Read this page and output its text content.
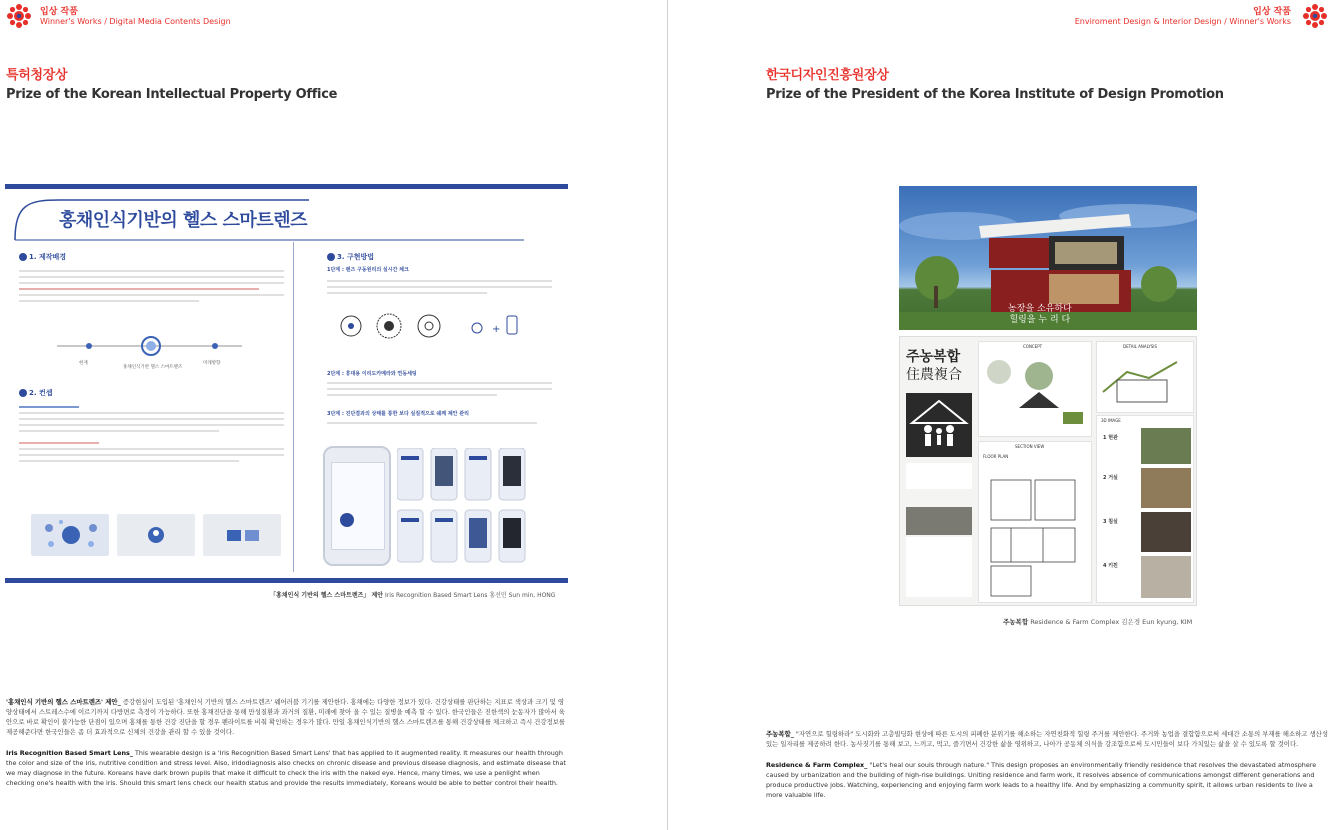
입상 작품
Winner's Works / Digital Media Contents Design
특허청장상
Prize of the Korean Intellectual Property Office
홍채인식기반의 헬스 스마트렌즈
1. 제작배경
현재
홍채인식기반 헬스 스마트렌즈
미래방향
2. 컨셉
3. 구현방법
1단계 : 렌즈 구동원리의 실시간 체크
+
2단계 : 휴대용 이리도카메라와 연동세팅
3단계 : 진단결과의 상태를 통한 보다 실질적으로 쉐께 제안 관리
「홍채인식 기반의 헬스 스마트렌즈」 제안 Iris Recognition Based Smart Lens 홍선민 Sun min, HONG
'홍채인식 기반의 헬스 스마트렌즈' 제안_ 증강현실이 도입된 '홍채인식 기반의 헬스 스마트렌즈' 웨어러블 기기를 제안한다. 홍채에는 다양한 정보가 있다. 건강상태를 판단하는 지표로 색상과 크기 및 영양상태에서 스트레스수에 이르기까지 다방면로 측정이 가능하다. 또한 홍채진단을 통해 만성질환과 과거의 질환, 미래에 찾아 올 수 있는 질병을 예측 할 수 있다. 한국인들은 진한색의 눈동자가 많아서 육안으로 바로 확인이 불가능한 단점이 있으며 홍채를 통한 건강 진단을 할 경우 펜라이트를 비춰 확인하는 경우가 많다. 만일 홍채인식기반의 헬스 스마트렌즈를 통해 건강상태를 체크하고 즉시 건강정보를 제공해준다면 한국인들은 좀 더 효과적으로 신체의 건강을 관리 할 수 있을 것이다.
Iris Recognition Based Smart Lens_ This wearable design is a 'Iris Recognition Based Smart Lens' that has applied to it augmented reality. It measures our health through the color and size of the iris, nutritive condition and stress level. Also, iridodiagnosis also checks on chronic disease and previous disease diagnosis, and estimate disease that we may diagnose in the future. Koreans have dark brown pupils that make it difficult to check the iris with the naked eye. Hence, many times, we use a penlight when checking one's health with the iris. Should this smart lens check our health status and provide the results immediately, Koreans would be able to better control their health.
입상 작품
Enviroment Design & Interior Design / Winner's Works
한국디자인진흥원장상
Prize of the President of the Korea Institute of Design Promotion
주농복합_ "자연으로 힐링하라" 도시화와 고층빌딩화 현상에 따른 도시의 피폐한 분위기를 해소하는 자연친화적 힐링 주거를 제안한다. 주거와 농업을 결합함으로써 세대간 소통의 부재를 해소하고 생산성 있는 일자리를 제공하려 한다. 농사짓기를 통해 보고, 느끼고, 먹고, 즐기면서 건강한 삶을 영위하고, 나아가 공동체 의식을 강조함으로써 도시민들이 보다 가치있는 삶을 살 수 있도록 할 것이다.
Residence & Farm Complex_ "Let's heal our souls through nature." This design proposes an environmentally friendly residence that resolves the devastated atmosphere caused by urbanization and the building of high-rise buildings. Uniting residence and farm work, it resolves absence of communications amongst different generations and produce productive jobs. Watching, experiencing and enjoying farm work leads to a healthy life. And by emphasizing a community spirit, it allows urban residents to live a more valuable life.
농장을 소유하다
힐링을 누 리 다
CONCEPT	DETAIL ANALYSIS
SECTION VIEW
FLOOR PLAN
3D IMAGE
1 현관
2 거실
3 침실
4 키친
주농복합
住農複合
주농복합 Residence & Farm Complex 김은경 Eun kyung, KIM
